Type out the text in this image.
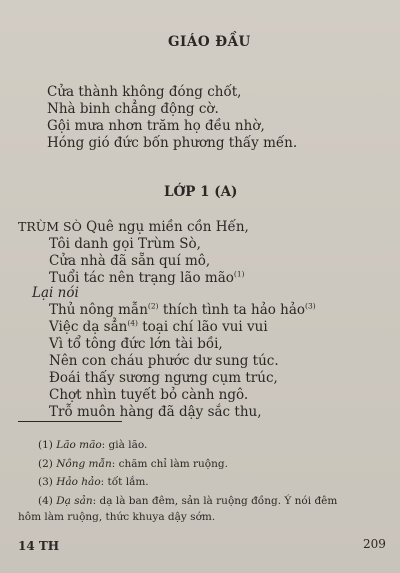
GIÁO ĐẦU
Cửa thành không đóng chốt,
Nhà binh chẳng động cờ.
Gội mưa nhơn trăm họ đều nhờ,
Hóng gió đức bốn phương thấy mến.
LỚP 1 (A)
TRÙM SÒ Quê ngụ miền cồn Hến,
Tôi danh gọi Trùm Sò,
Cửa nhà đã sẵn quí mô,
Tuổi tác nên trạng lão mão$^{(1)}$
Lại nói
Thủ nông mẫn$^{(2)}$ thích tình ta hảo hảo$^{(3)}$
Việc dạ sẳn$^{(4)}$ toại chí lão vui vui
Vì tổ tông đức lớn tài bồi,
Nên con cháu phước dư sung túc.
Đoái thấy sương ngưng cụm trúc,
Chợt nhìn tuyết bỏ cành ngô.
Trỗ muôn hàng đã dậy sắc thu,
(1) Lão mão: già lão.
(2) Nông mẫn: chăm chỉ làm ruộng.
(3) Hảo hảo: tốt lắm.
(4) Dạ sản: dạ là ban đêm, sản là ruộng đồng. Ý nói đêm
hôm làm ruộng, thức khuya dậy sớm.
14 TH	209
